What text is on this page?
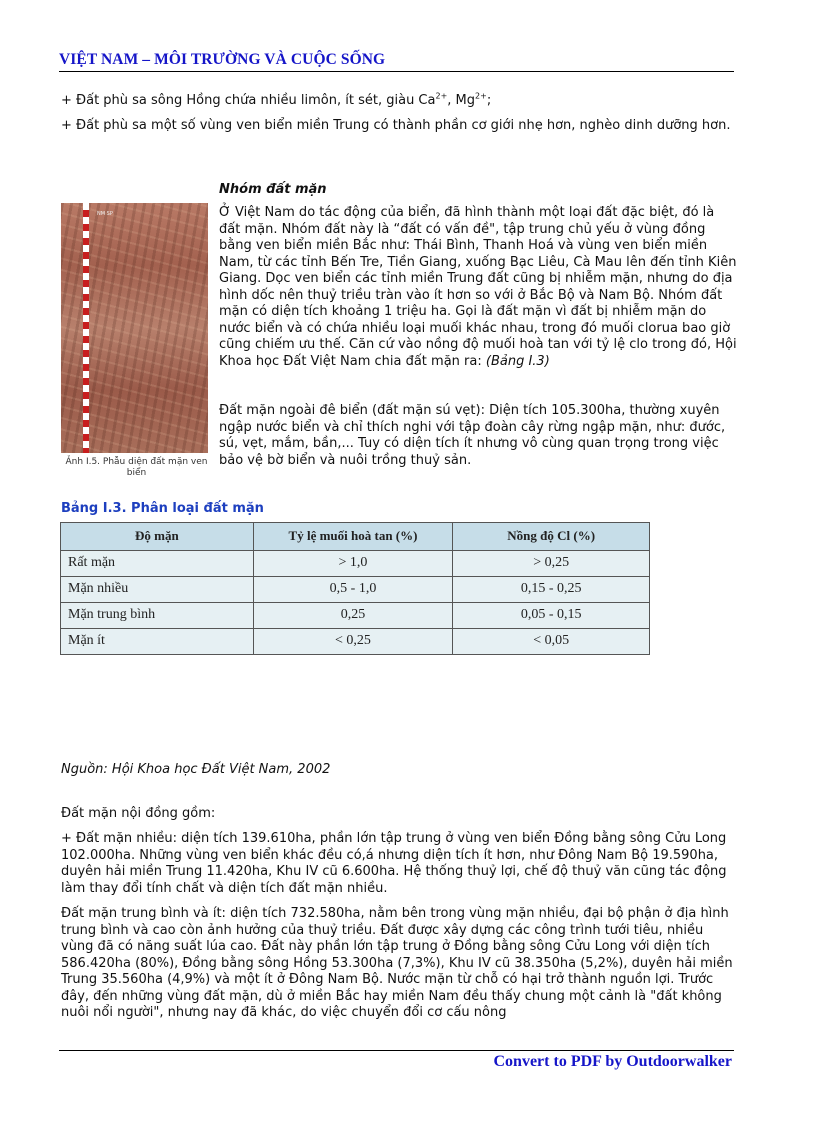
VIỆT NAM – MÔI TRƯỜNG VÀ CUỘC SỐNG

+ Đất phù sa sông Hồng chứa nhiều limôn, ít sét, giàu $Ca^{2+}$, $Mg^{2+}$;

+ Đất phù sa một số vùng ven biển miền Trung có thành phần cơ giới nhẹ hơn, nghèo dinh dưỡng hơn.

NM SP
Ảnh I.5. Phẫu diện đất mặn ven biển

Nhóm đất mặn

Ở Việt Nam do tác động của biển, đã hình thành một loại đất đặc biệt, đó là đất mặn. Nhóm đất này là “đất có vấn đề", tập trung chủ yếu ở vùng đồng bằng ven biển miền Bắc như: Thái Bình, Thanh Hoá và vùng ven biển miền Nam, từ các tỉnh Bến Tre, Tiền Giang, xuống Bạc Liêu, Cà Mau lên đến tỉnh Kiên Giang. Dọc ven biển các tỉnh miền Trung đất cũng bị nhiễm mặn, nhưng do địa hình dốc nên thuỷ triều tràn vào ít hơn so với ở Bắc Bộ và Nam Bộ. Nhóm đất mặn có diện tích khoảng 1 triệu ha. Gọi là đất mặn vì đất bị nhiễm mặn do nước biển và có chứa nhiều loại muối khác nhau, trong đó muối clorua bao giờ cũng chiếm ưu thế. Căn cứ vào nồng độ muối hoà tan với tỷ lệ clo trong đó, Hội Khoa học Đất Việt Nam chia đất mặn ra: (Bảng I.3)

Đất mặn ngoài đê biển (đất mặn sú vẹt): Diện tích 105.300ha, thường xuyên ngập nước biển và chỉ thích nghi với tập đoàn cây rừng ngập mặn, như: đước, sú, vẹt, mắm, bần,... Tuy có diện tích ít nhưng vô cùng quan trọng trong việc bảo vệ bờ biển và nuôi trồng thuỷ sản.

Bảng I.3. Phân loại đất mặn

Độ mặn	Tỷ lệ muối hoà tan (%)	Nồng độ Cl (%)
Rất mặn	> 1,0	> 0,25
Mặn nhiều	0,5 - 1,0	0,15 - 0,25
Mặn trung bình	0,25	0,05 - 0,15
Mặn ít	< 0,25	< 0,05

Nguồn: Hội Khoa học Đất Việt Nam, 2002

Đất mặn nội đồng gồm:

+ Đất mặn nhiều: diện tích 139.610ha, phần lớn tập trung ở vùng ven biển Đồng bằng sông Cửu Long 102.000ha. Những vùng ven biển khác đều có,á nhưng diện tích ít hơn, như Đông Nam Bộ 19.590ha, duyên hải miền Trung 11.420ha, Khu IV cũ 6.600ha. Hệ thống thuỷ lợi, chế độ thuỷ văn cũng tác động làm thay đổi tính chất và diện tích đất mặn nhiều.

Đất mặn trung bình và ít: diện tích 732.580ha, nằm bên trong vùng mặn nhiều, đại bộ phận ở địa hình trung bình và cao còn ảnh hưởng của thuỷ triều. Đất được xây dựng các công trình tưới tiêu, nhiều vùng đã có năng suất lúa cao. Đất này phần lớn tập trung ở Đồng bằng sông Cửu Long với diện tích 586.420ha (80%), Đồng bằng sông Hồng 53.300ha (7,3%), Khu IV cũ 38.350ha (5,2%), duyên hải miền Trung 35.560ha (4,9%) và một ít ở Đông Nam Bộ. Nước mặn từ chỗ có hại trở thành nguồn lợi. Trước đây, đến những vùng đất mặn, dù ở miền Bắc hay miền Nam đều thấy chung một cảnh là "đất không nuôi nổi người", nhưng nay đã khác, do việc chuyển đổi cơ cấu nông

Convert to PDF by Outdoorwalker
